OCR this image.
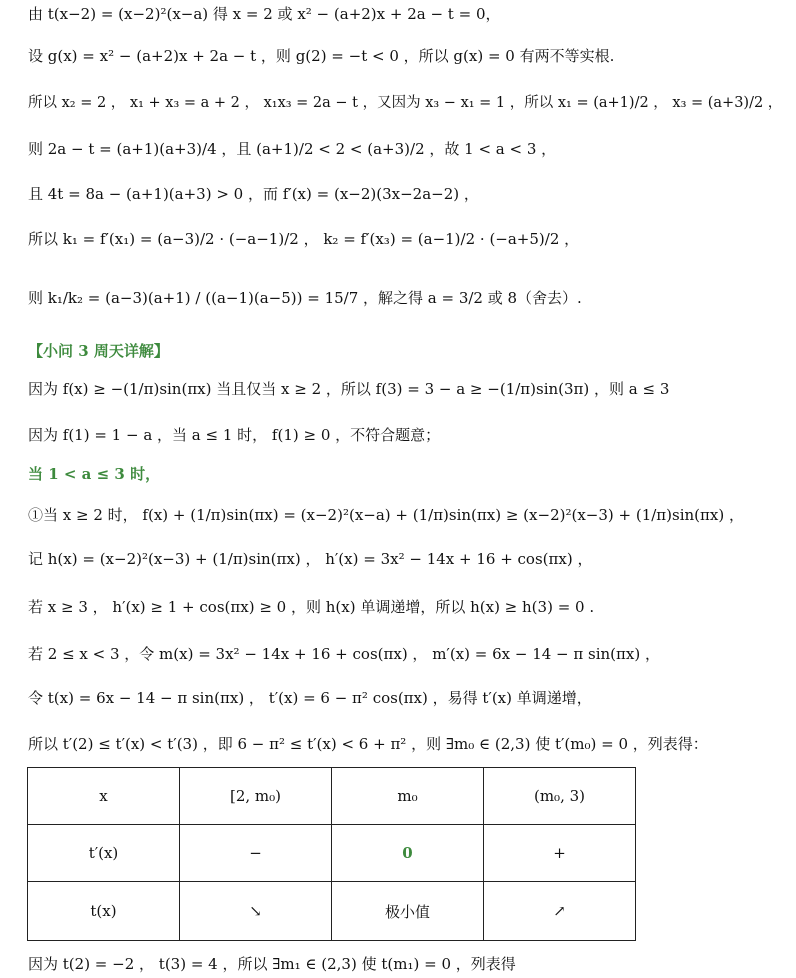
由 t(x−2) = (x−2)²(x−a) 得 x = 2 或 x² − (a+2)x + 2a − t = 0，
设 g(x) = x² − (a+2)x + 2a − t ，则 g(2) = −t < 0 ，所以 g(x) = 0 有两不等实根.
所以 x₂ = 2 ， x₁ + x₃ = a + 2 ， x₁x₃ = 2a − t ，又因为 x₃ − x₁ = 1 ，所以 x₁ = (a+1)/2 ， x₃ = (a+3)/2 ，
则 2a − t = (a+1)(a+3)/4 ，且 (a+1)/2 < 2 < (a+3)/2 ，故 1 < a < 3 ，
且 4t = 8a − (a+1)(a+3) > 0 ，而 f′(x) = (x−2)(3x−2a−2) ，
所以 k₁ = f′(x₁) = (a−3)/2 · (−a−1)/2 ， k₂ = f′(x₃) = (a−1)/2 · (−a+5)/2 ，
则 k₁/k₂ = (a−3)(a+1) / ((a−1)(a−5)) = 15/7 ，解之得 a = 3/2 或 8（舍去）.
【小问 3 周天详解】
因为 f(x) ≥ −(1/π)sin(πx) 当且仅当 x ≥ 2 ，所以 f(3) = 3 − a ≥ −(1/π)sin(3π) ，则 a ≤ 3
因为 f(1) = 1 − a ，当 a ≤ 1 时， f(1) ≥ 0 ，不符合题意；
当 1 < a ≤ 3 时，
①当 x ≥ 2 时， f(x) + (1/π)sin(πx) = (x−2)²(x−a) + (1/π)sin(πx) ≥ (x−2)²(x−3) + (1/π)sin(πx) ，
记 h(x) = (x−2)²(x−3) + (1/π)sin(πx) ， h′(x) = 3x² − 14x + 16 + cos(πx) ，
若 x ≥ 3 ， h′(x) ≥ 1 + cos(πx) ≥ 0 ，则 h(x) 单调递增，所以 h(x) ≥ h(3) = 0 .
若 2 ≤ x < 3 ，令 m(x) = 3x² − 14x + 16 + cos(πx) ， m′(x) = 6x − 14 − π sin(πx) ，
令 t(x) = 6x − 14 − π sin(πx) ， t′(x) = 6 − π² cos(πx) ，易得 t′(x) 单调递增，
所以 t′(2) ≤ t′(x) < t′(3) ，即 6 − π² ≤ t′(x) < 6 + π² ，则 ∃m₀ ∈ (2,3) 使 t′(m₀) = 0 ，列表得：
因为 t(2) = −2 ， t(3) = 4 ，所以 ∃m₁ ∈ (2,3) 使 t(m₁) = 0 ，列表得
x	[2, m₀)	m₀	(m₀, 3)
t′(x)	−	0	+
t(x)	↘	极小值	↗
